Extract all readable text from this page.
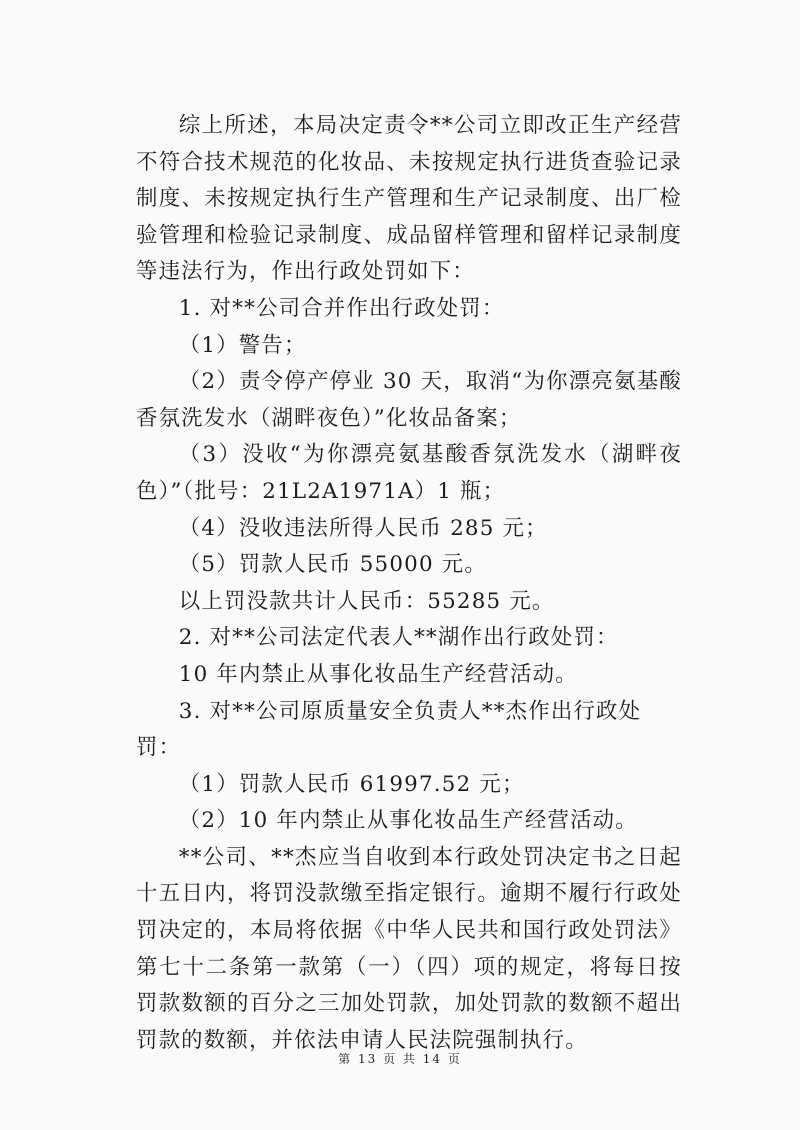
综上所述，本局决定责令**公司立即改正生产经营不符合技术规范的化妆品、未按规定执行进货查验记录制度、未按规定执行生产管理和生产记录制度、出厂检验管理和检验记录制度、成品留样管理和留样记录制度等违法行为，作出行政处罚如下：

1. 对**公司合并作出行政处罚：

（1）警告；

（2）责令停产停业 30 天，取消“为你漂亮氨基酸香氛洗发水（湖畔夜色）”化妆品备案；

（3）没收“为你漂亮氨基酸香氛洗发水（湖畔夜色）”（批号：21L2A1971A）1 瓶；

（4）没收违法所得人民币 285 元；

（5）罚款人民币 55000 元。

以上罚没款共计人民币：55285 元。

2. 对**公司法定代表人**湖作出行政处罚：

10 年内禁止从事化妆品生产经营活动。

3. 对**公司原质量安全负责人**杰作出行政处罚：

（1）罚款人民币 61997.52 元；

（2）10 年内禁止从事化妆品生产经营活动。

**公司、**杰应当自收到本行政处罚决定书之日起十五日内，将罚没款缴至指定银行。逾期不履行行政处罚决定的，本局将依据《中华人民共和国行政处罚法》第七十二条第一款第（一）（四）项的规定，将每日按罚款数额的百分之三加处罚款，加处罚款的数额不超出罚款的数额，并依法申请人民法院强制执行。

第 13 页 共 14 页
